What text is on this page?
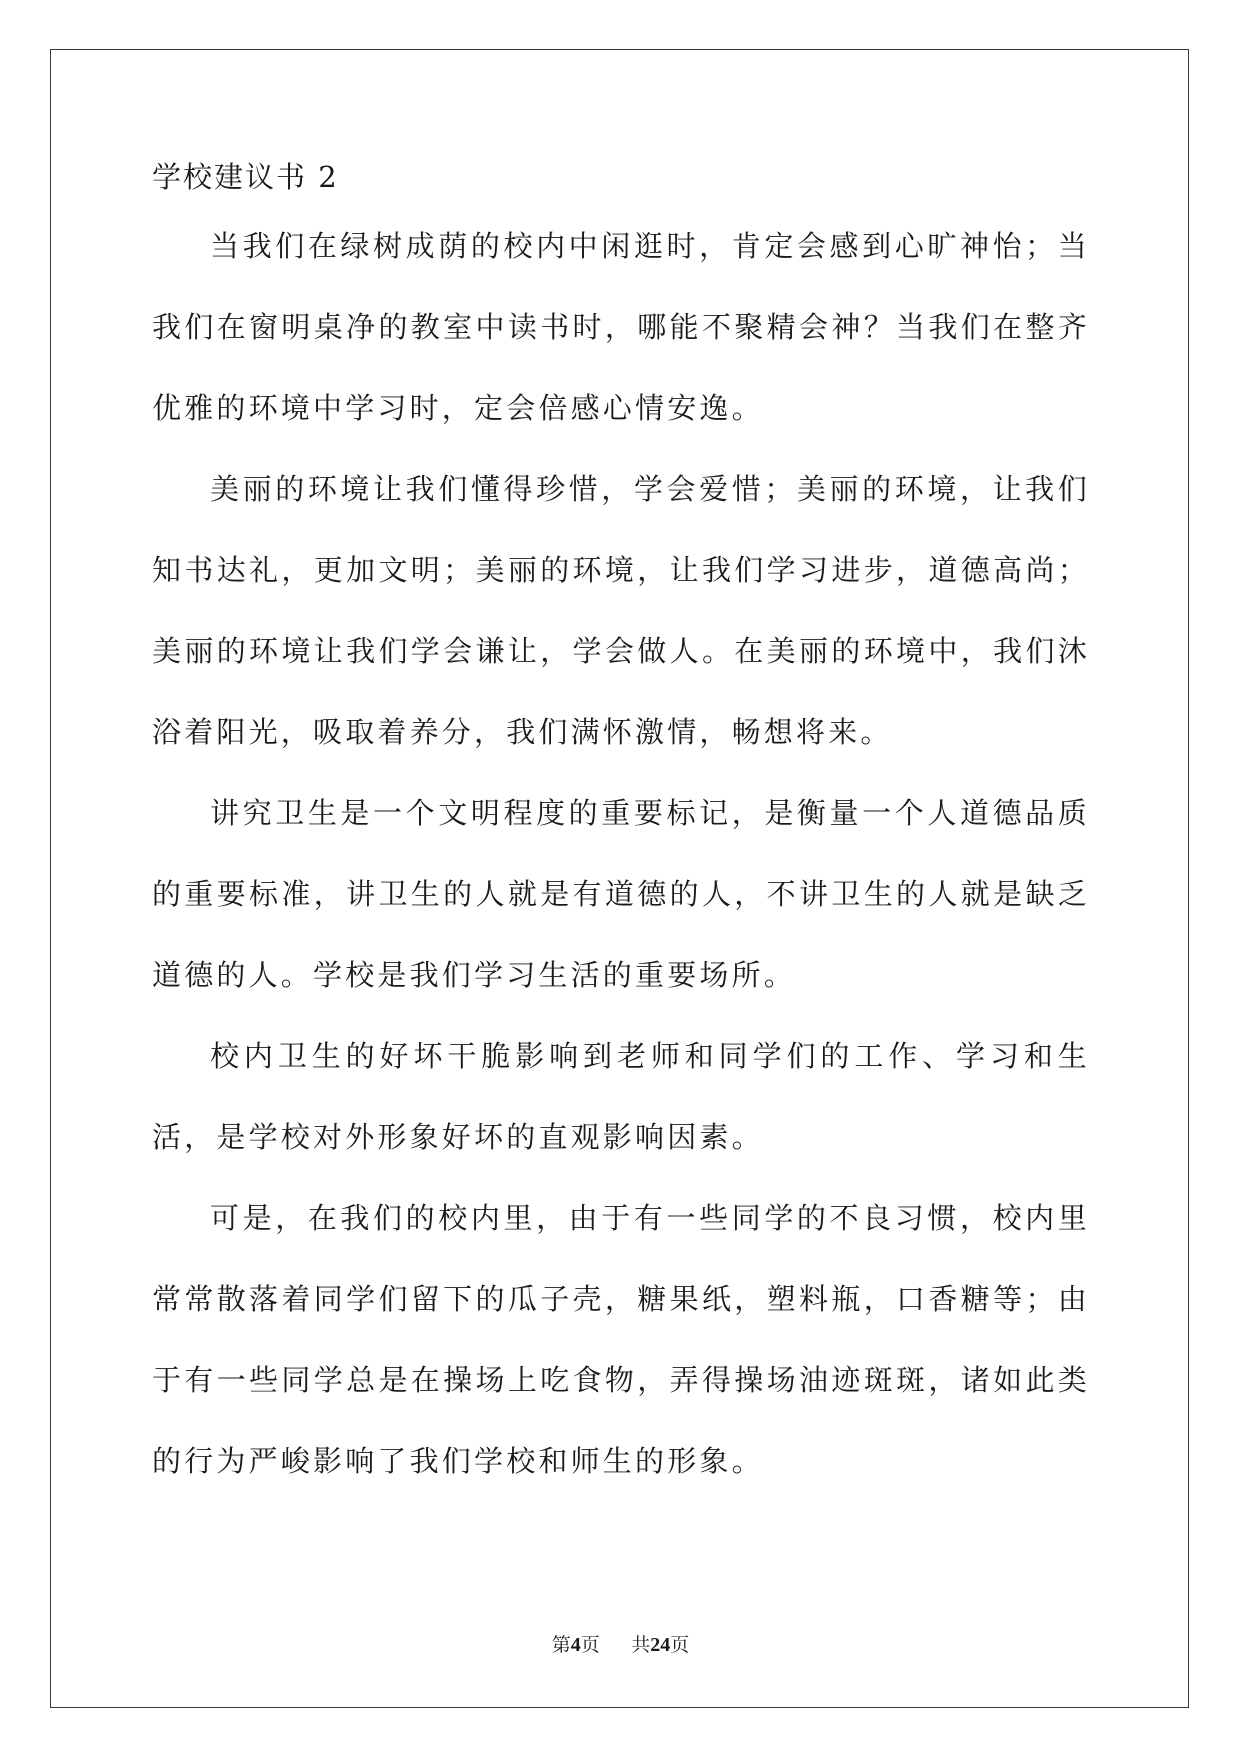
学校建议书 2

当我们在绿树成荫的校内中闲逛时，肯定会感到心旷神怡；当我们在窗明桌净的教室中读书时，哪能不聚精会神？当我们在整齐优雅的环境中学习时，定会倍感心情安逸。

美丽的环境让我们懂得珍惜，学会爱惜；美丽的环境，让我们知书达礼，更加文明；美丽的环境，让我们学习进步，道德高尚；美丽的环境让我们学会谦让，学会做人。在美丽的环境中，我们沐浴着阳光，吸取着养分，我们满怀激情，畅想将来。

讲究卫生是一个文明程度的重要标记，是衡量一个人道德品质的重要标准，讲卫生的人就是有道德的人，不讲卫生的人就是缺乏道德的人。学校是我们学习生活的重要场所。

校内卫生的好坏干脆影响到老师和同学们的工作、学习和生活，是学校对外形象好坏的直观影响因素。

可是，在我们的校内里，由于有一些同学的不良习惯，校内里常常散落着同学们留下的瓜子壳，糖果纸，塑料瓶，口香糖等；由于有一些同学总是在操场上吃食物，弄得操场油迹斑斑，诸如此类的行为严峻影响了我们学校和师生的形象。

第4页 共24页
